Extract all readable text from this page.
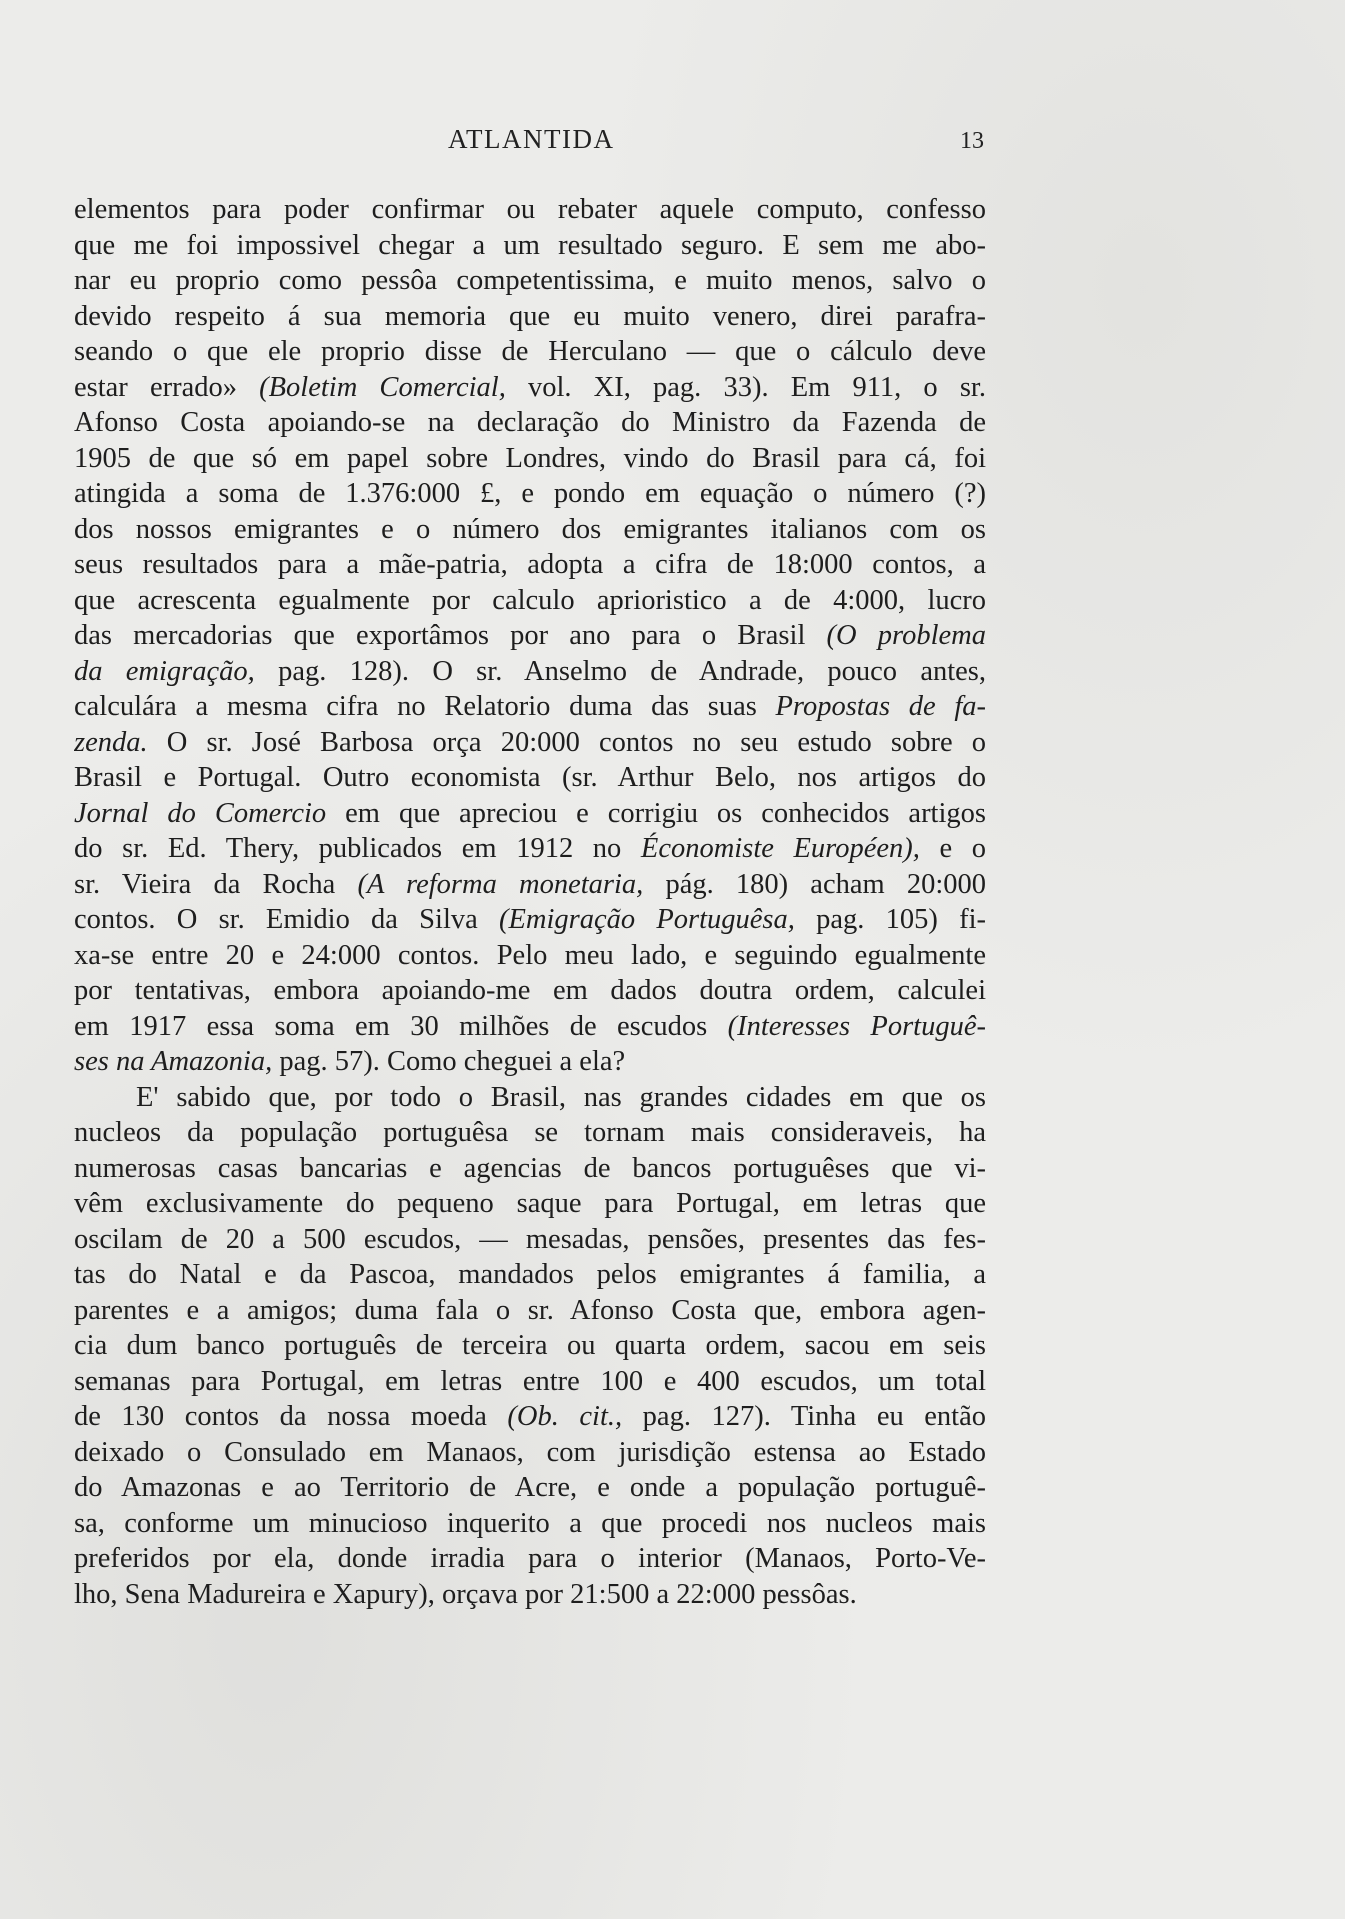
ATLANTIDA	13
elementos para poder confirmar ou rebater aquele computo, confesso
que me foi impossivel chegar a um resultado seguro. E sem me abo-
nar eu proprio como pessôa competentissima, e muito menos, salvo o
devido respeito á sua memoria que eu muito venero, direi parafra-
seando o que ele proprio disse de Herculano — que o cálculo deve
estar errado» (Boletim Comercial, vol. XI, pag. 33). Em 911, o sr.
Afonso Costa apoiando-se na declaração do Ministro da Fazenda de
1905 de que só em papel sobre Londres, vindo do Brasil para cá, foi
atingida a soma de 1.376:000 £, e pondo em equação o número (?)
dos nossos emigrantes e o número dos emigrantes italianos com os
seus resultados para a mãe-patria, adopta a cifra de 18:000 contos, a
que acrescenta egualmente por calculo aprioristico a de 4:000, lucro
das mercadorias que exportâmos por ano para o Brasil (O problema
da emigração, pag. 128). O sr. Anselmo de Andrade, pouco antes,
calculára a mesma cifra no Relatorio duma das suas Propostas de fa-
zenda. O sr. José Barbosa orça 20:000 contos no seu estudo sobre o
Brasil e Portugal. Outro economista (sr. Arthur Belo, nos artigos do
Jornal do Comercio em que apreciou e corrigiu os conhecidos artigos
do sr. Ed. Thery, publicados em 1912 no Économiste Européen), e o
sr. Vieira da Rocha (A reforma monetaria, pág. 180) acham 20:000
contos. O sr. Emidio da Silva (Emigração Portuguêsa, pag. 105) fi-
xa-se entre 20 e 24:000 contos. Pelo meu lado, e seguindo egualmente
por tentativas, embora apoiando-me em dados doutra ordem, calculei
em 1917 essa soma em 30 milhões de escudos (Interesses Portuguê-
ses na Amazonia, pag. 57). Como cheguei a ela?
E' sabido que, por todo o Brasil, nas grandes cidades em que os
nucleos da população portuguêsa se tornam mais consideraveis, ha
numerosas casas bancarias e agencias de bancos portuguêses que vi-
vêm exclusivamente do pequeno saque para Portugal, em letras que
oscilam de 20 a 500 escudos, — mesadas, pensões, presentes das fes-
tas do Natal e da Pascoa, mandados pelos emigrantes á familia, a
parentes e a amigos; duma fala o sr. Afonso Costa que, embora agen-
cia dum banco português de terceira ou quarta ordem, sacou em seis
semanas para Portugal, em letras entre 100 e 400 escudos, um total
de 130 contos da nossa moeda (Ob. cit., pag. 127). Tinha eu então
deixado o Consulado em Manaos, com jurisdição estensa ao Estado
do Amazonas e ao Territorio de Acre, e onde a população portuguê-
sa, conforme um minucioso inquerito a que procedi nos nucleos mais
preferidos por ela, donde irradia para o interior (Manaos, Porto-Ve-
lho, Sena Madureira e Xapury), orçava por 21:500 a 22:000 pessôas.
